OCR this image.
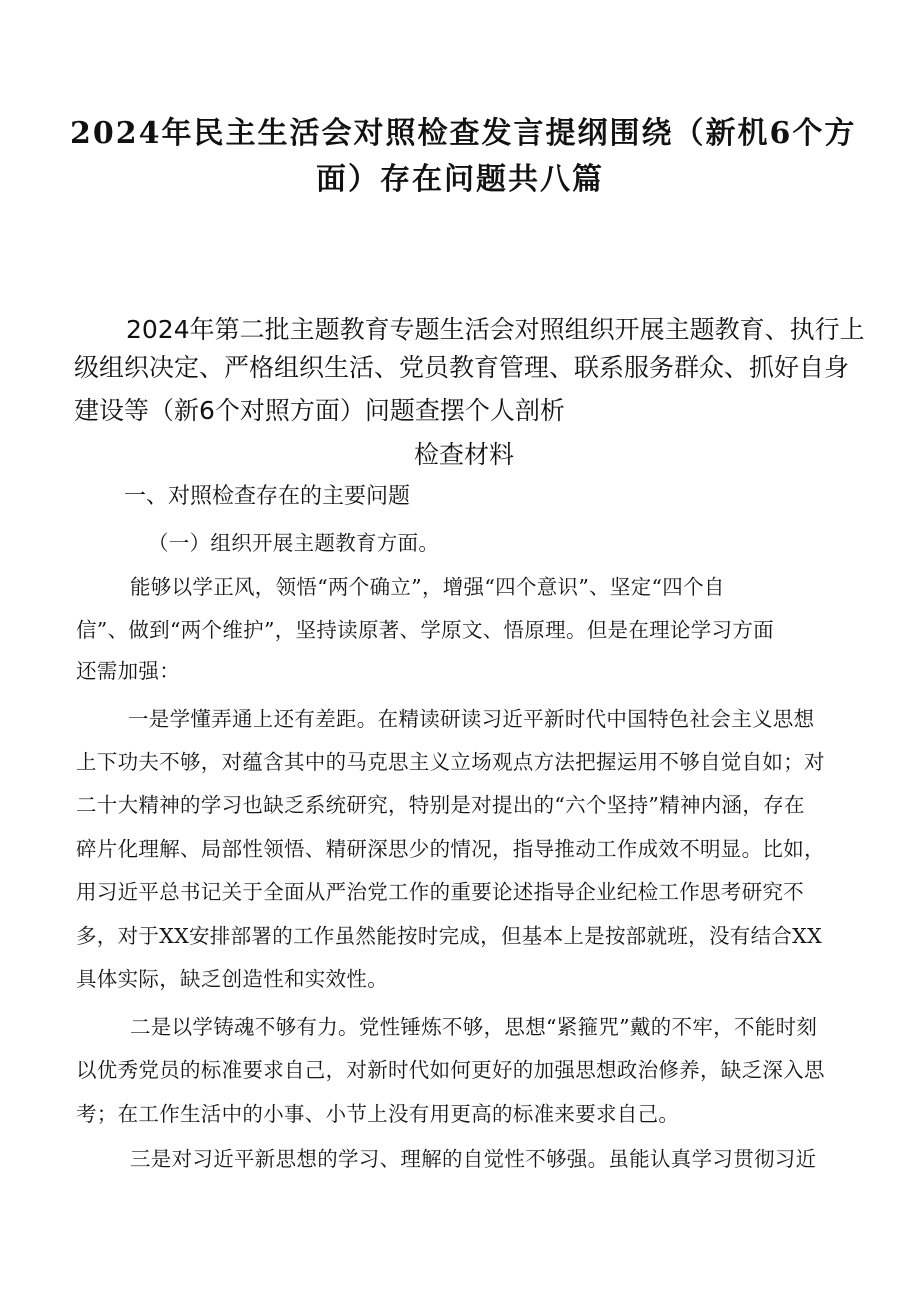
2024年民主生活会对照检查发言提纲围绕（新机6个方
面）存在问题共八篇
2024年第二批主题教育专题生活会对照组织开展主题教育、执行上
级组织决定、严格组织生活、党员教育管理、联系服务群众、抓好自身
建设等（新6个对照方面）问题查摆个人剖析
检查材料
一、对照检查存在的主要问题
（一）组织开展主题教育方面。
能够以学正风，领悟“两个确立”，增强“四个意识”、坚定“四个自
信”、做到“两个维护”，坚持读原著、学原文、悟原理。但是在理论学习方面
还需加强：
一是学懂弄通上还有差距。在精读研读习近平新时代中国特色社会主义思想
上下功夫不够，对蕴含其中的马克思主义立场观点方法把握运用不够自觉自如；对
二十大精神的学习也缺乏系统研究，特别是对提出的“六个坚持”精神内涵，存在
碎片化理解、局部性领悟、精研深思少的情况，指导推动工作成效不明显。比如，
用习近平总书记关于全面从严治党工作的重要论述指导企业纪检工作思考研究不
多，对于XX安排部署的工作虽然能按时完成，但基本上是按部就班，没有结合XX
具体实际，缺乏创造性和实效性。
二是以学铸魂不够有力。党性锤炼不够，思想“紧箍咒”戴的不牢，不能时刻
以优秀党员的标准要求自己，对新时代如何更好的加强思想政治修养，缺乏深入思
考；在工作生活中的小事、小节上没有用更高的标准来要求自己。
三是对习近平新思想的学习、理解的自觉性不够强。虽能认真学习贯彻习近
